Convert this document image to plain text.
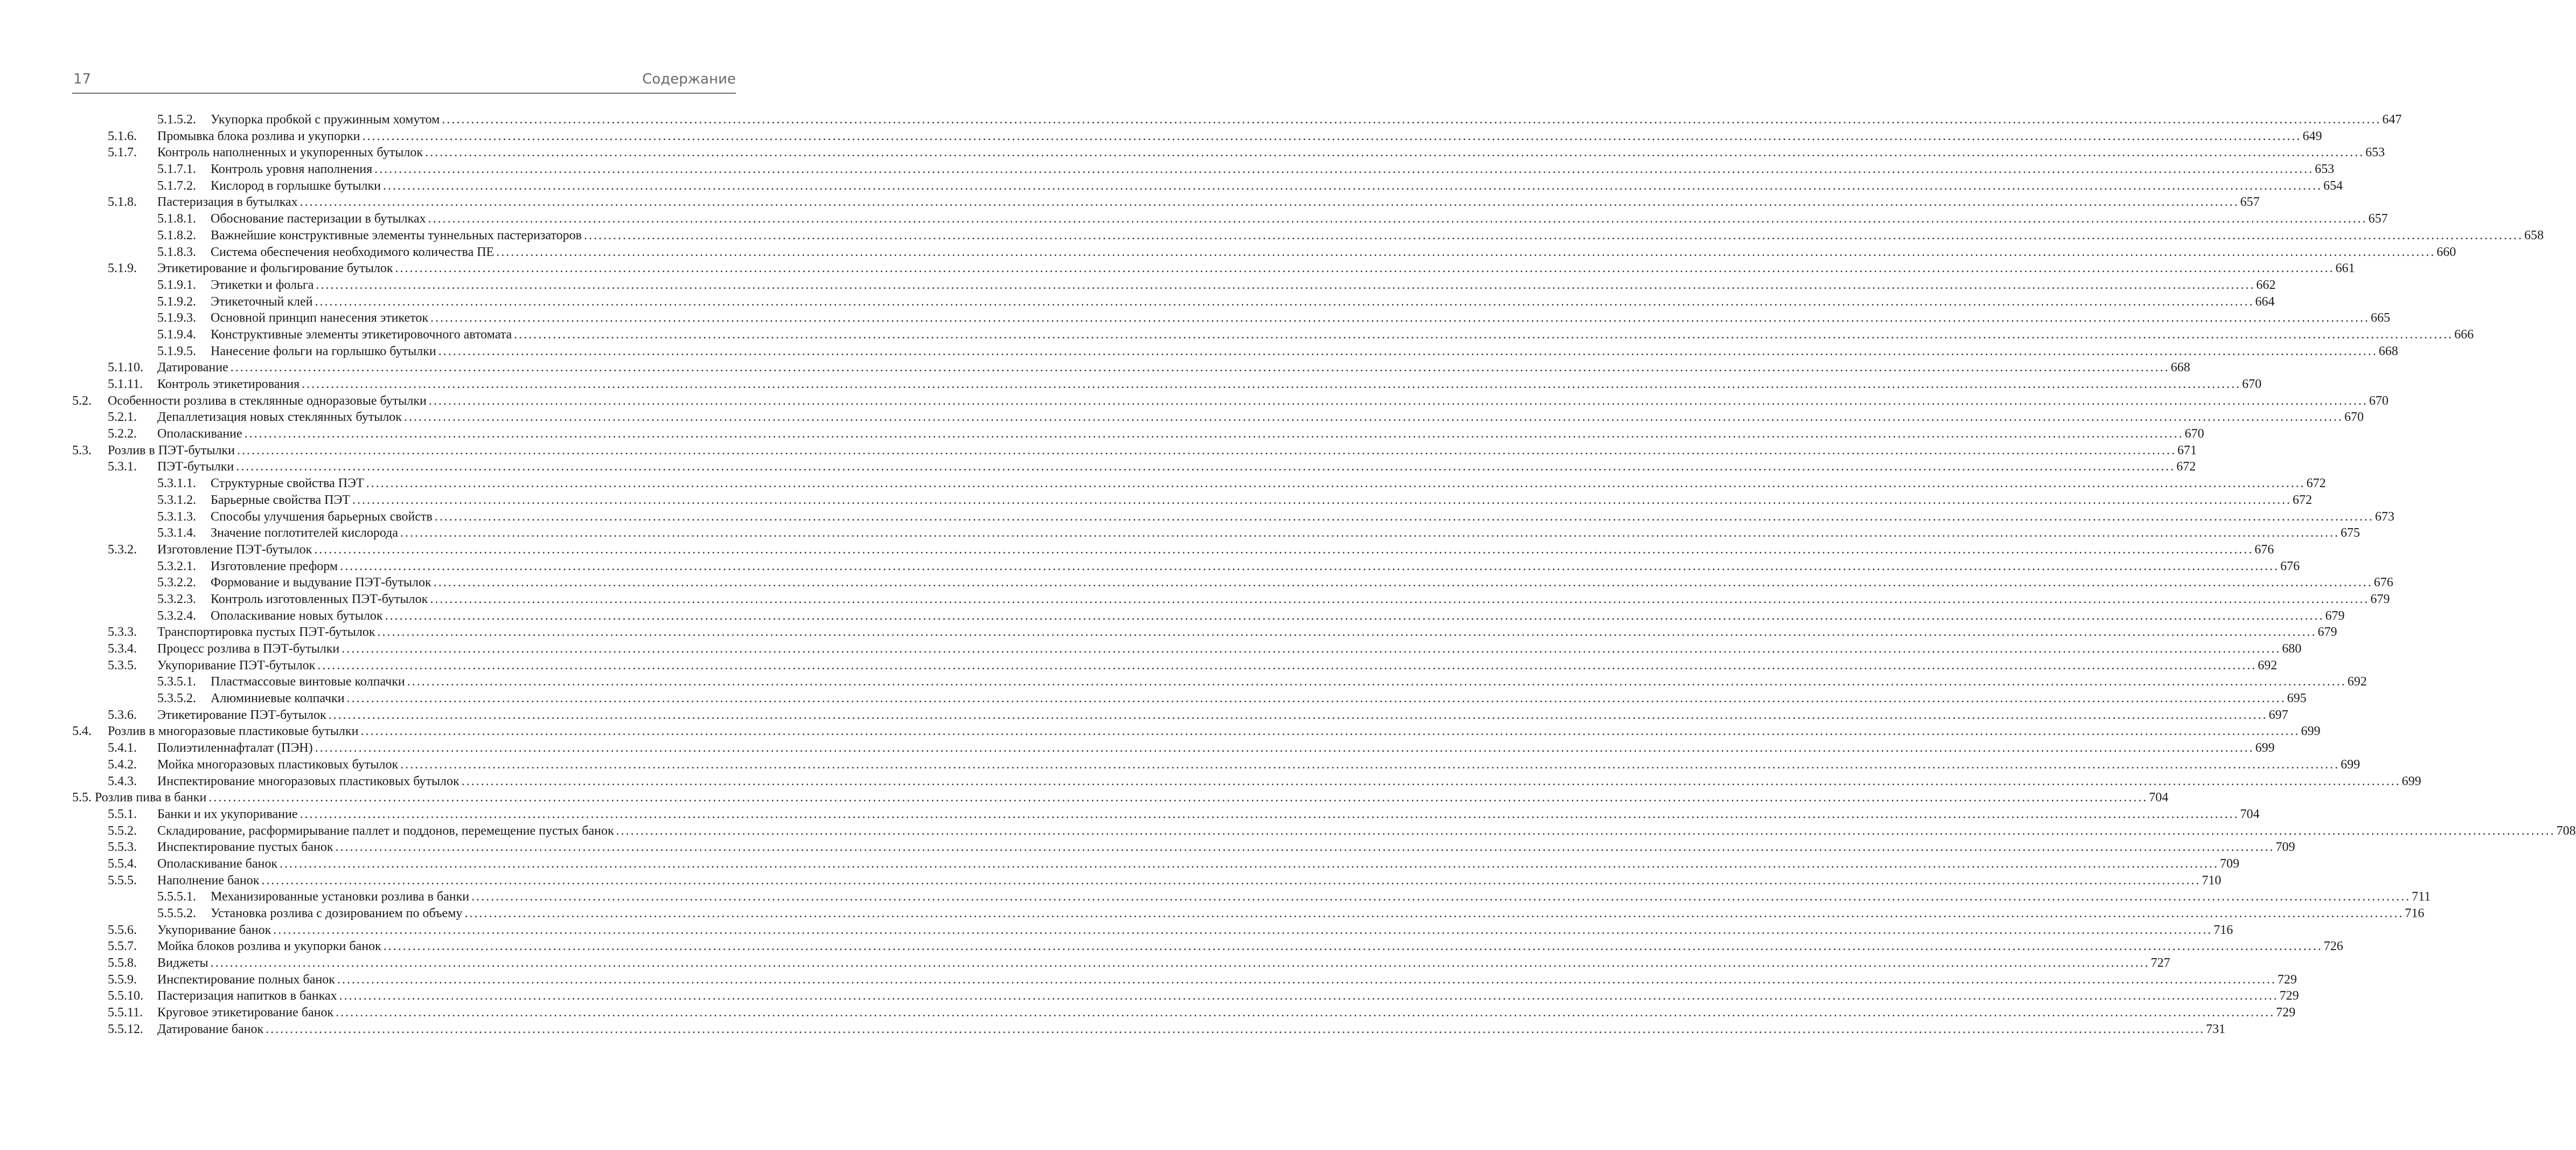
17	Содержание
5.1.5.2. Укупорка пробкой с пружинным хомутом ................................................................................................................................................................................................................................................................................................................................................................................................................ 647
5.1.6. Промывка блока розлива и укупорки ................................................................................................................................................................................................................................................................................................................................................................................................................ 649
5.1.7. Контроль наполненных и укупоренных бутылок ................................................................................................................................................................................................................................................................................................................................................................................................................ 653
5.1.7.1. Контроль уровня наполнения ................................................................................................................................................................................................................................................................................................................................................................................................................ 653
5.1.7.2. Кислород в горлышке бутылки ................................................................................................................................................................................................................................................................................................................................................................................................................ 654
5.1.8. Пастеризация в бутылках ................................................................................................................................................................................................................................................................................................................................................................................................................ 657
5.1.8.1. Обоснование пастеризации в бутылках ................................................................................................................................................................................................................................................................................................................................................................................................................ 657
5.1.8.2. Важнейшие конструктивные элементы туннельных пастеризаторов ................................................................................................................................................................................................................................................................................................................................................................................................................ 658
5.1.8.3. Система обеспечения необходимого количества ПЕ ................................................................................................................................................................................................................................................................................................................................................................................................................ 660
5.1.9. Этикетирование и фольгирование бутылок ................................................................................................................................................................................................................................................................................................................................................................................................................ 661
5.1.9.1. Этикетки и фольга ................................................................................................................................................................................................................................................................................................................................................................................................................ 662
5.1.9.2. Этикеточный клей ................................................................................................................................................................................................................................................................................................................................................................................................................ 664
5.1.9.3. Основной принцип нанесения этикеток ................................................................................................................................................................................................................................................................................................................................................................................................................ 665
5.1.9.4. Конструктивные элементы этикетировочного автомата ................................................................................................................................................................................................................................................................................................................................................................................................................ 666
5.1.9.5. Нанесение фольги на горлышко бутылки ................................................................................................................................................................................................................................................................................................................................................................................................................ 668
5.1.10. Датирование ................................................................................................................................................................................................................................................................................................................................................................................................................ 668
5.1.11. Контроль этикетирования ................................................................................................................................................................................................................................................................................................................................................................................................................ 670
5.2. Особенности розлива в стеклянные одноразовые бутылки ................................................................................................................................................................................................................................................................................................................................................................................................................ 670
5.2.1. Депаллетизация новых стеклянных бутылок ................................................................................................................................................................................................................................................................................................................................................................................................................ 670
5.2.2. Ополаскивание ................................................................................................................................................................................................................................................................................................................................................................................................................ 670
5.3. Розлив в ПЭТ-бутылки ................................................................................................................................................................................................................................................................................................................................................................................................................ 671
5.3.1. ПЭТ-бутылки ................................................................................................................................................................................................................................................................................................................................................................................................................ 672
5.3.1.1. Структурные свойства ПЭТ ................................................................................................................................................................................................................................................................................................................................................................................................................ 672
5.3.1.2. Барьерные свойства ПЭТ ................................................................................................................................................................................................................................................................................................................................................................................................................ 672
5.3.1.3. Способы улучшения барьерных свойств ................................................................................................................................................................................................................................................................................................................................................................................................................ 673
5.3.1.4. Значение поглотителей кислорода ................................................................................................................................................................................................................................................................................................................................................................................................................ 675
5.3.2. Изготовление ПЭТ-бутылок ................................................................................................................................................................................................................................................................................................................................................................................................................ 676
5.3.2.1. Изготовление преформ ................................................................................................................................................................................................................................................................................................................................................................................................................ 676
5.3.2.2. Формование и выдувание ПЭТ-бутылок ................................................................................................................................................................................................................................................................................................................................................................................................................ 676
5.3.2.3. Контроль изготовленных ПЭТ-бутылок ................................................................................................................................................................................................................................................................................................................................................................................................................ 679
5.3.2.4. Ополаскивание новых бутылок ................................................................................................................................................................................................................................................................................................................................................................................................................ 679
5.3.3. Транспортировка пустых ПЭТ-бутылок ................................................................................................................................................................................................................................................................................................................................................................................................................ 679
5.3.4. Процесс розлива в ПЭТ-бутылки ................................................................................................................................................................................................................................................................................................................................................................................................................ 680
5.3.5. Укупоривание ПЭТ-бутылок ................................................................................................................................................................................................................................................................................................................................................................................................................ 692
5.3.5.1. Пластмассовые винтовые колпачки ................................................................................................................................................................................................................................................................................................................................................................................................................ 692
5.3.5.2. Алюминиевые колпачки ................................................................................................................................................................................................................................................................................................................................................................................................................ 695
5.3.6. Этикетирование ПЭТ-бутылок ................................................................................................................................................................................................................................................................................................................................................................................................................ 697
5.4. Розлив в многоразовые пластиковые бутылки ................................................................................................................................................................................................................................................................................................................................................................................................................ 699
5.4.1. Полиэтиленнафталат (ПЭН) ................................................................................................................................................................................................................................................................................................................................................................................................................ 699
5.4.2. Мойка многоразовых пластиковых бутылок ................................................................................................................................................................................................................................................................................................................................................................................................................ 699
5.4.3. Инспектирование многоразовых пластиковых бутылок ................................................................................................................................................................................................................................................................................................................................................................................................................ 699
5.5. Розлив пива в банки ................................................................................................................................................................................................................................................................................................................................................................................................................ 704
5.5.1. Банки и их укупоривание ................................................................................................................................................................................................................................................................................................................................................................................................................ 704
5.5.2. Складирование, расформирывание паллет и поддонов, перемещение пустых банок ................................................................................................................................................................................................................................................................................................................................................................................................................ 708
5.5.3. Инспектирование пустых банок ................................................................................................................................................................................................................................................................................................................................................................................................................ 709
5.5.4. Ополаскивание банок ................................................................................................................................................................................................................................................................................................................................................................................................................ 709
5.5.5. Наполнение банок ................................................................................................................................................................................................................................................................................................................................................................................................................ 710
5.5.5.1. Механизированные установки розлива в банки ................................................................................................................................................................................................................................................................................................................................................................................................................ 711
5.5.5.2. Установка розлива с дозированием по объему ................................................................................................................................................................................................................................................................................................................................................................................................................ 716
5.5.6. Укупоривание банок ................................................................................................................................................................................................................................................................................................................................................................................................................ 716
5.5.7. Мойка блоков розлива и укупорки банок ................................................................................................................................................................................................................................................................................................................................................................................................................ 726
5.5.8. Виджеты ................................................................................................................................................................................................................................................................................................................................................................................................................ 727
5.5.9. Инспектирование полных банок ................................................................................................................................................................................................................................................................................................................................................................................................................ 729
5.5.10. Пастеризация напитков в банках ................................................................................................................................................................................................................................................................................................................................................................................................................ 729
5.5.11. Круговое этикетирование банок ................................................................................................................................................................................................................................................................................................................................................................................................................ 729
5.5.12. Датирование банок ................................................................................................................................................................................................................................................................................................................................................................................................................ 731
